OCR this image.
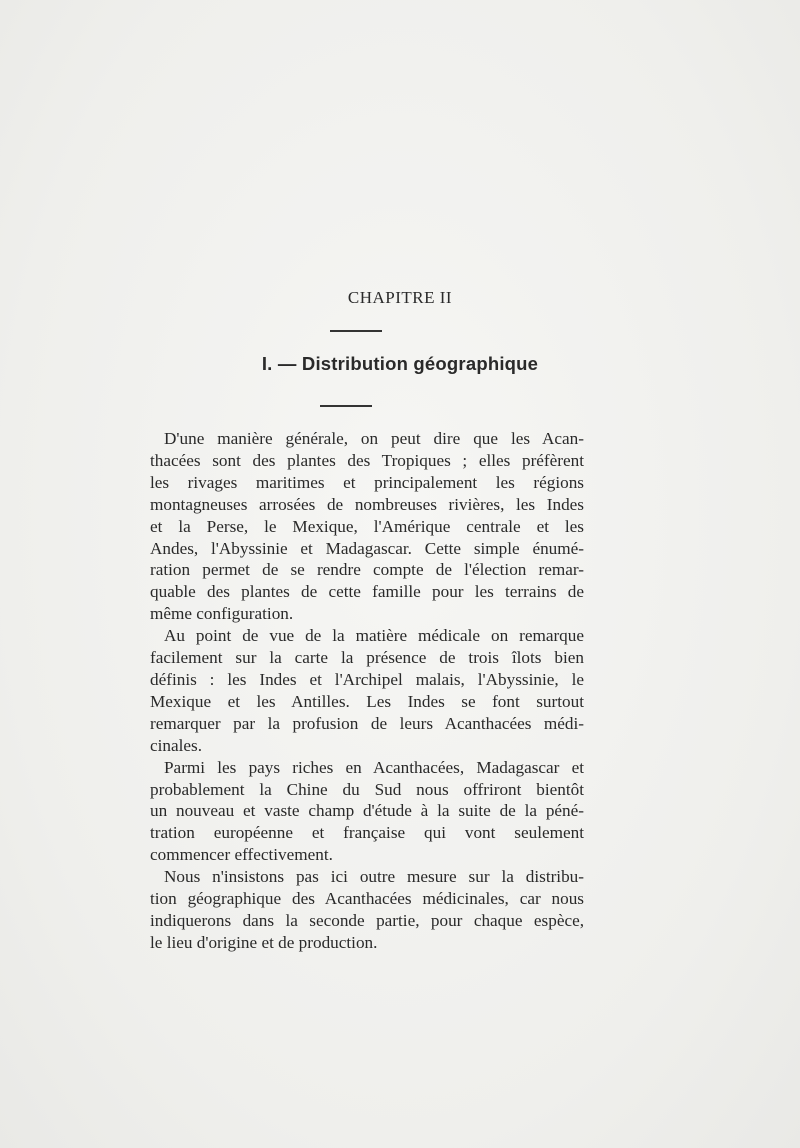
CHAPITRE II
I. — Distribution géographique

D'une manière générale, on peut dire que les Acan-
thacées sont des plantes des Tropiques ; elles préfèrent
les rivages maritimes et principalement les régions
montagneuses arrosées de nombreuses rivières, les Indes
et la Perse, le Mexique, l'Amérique centrale et les
Andes, l'Abyssinie et Madagascar. Cette simple énumé-
ration permet de se rendre compte de l'élection remar-
quable des plantes de cette famille pour les terrains de
même configuration.

Au point de vue de la matière médicale on remarque
facilement sur la carte la présence de trois îlots bien
définis : les Indes et l'Archipel malais, l'Abyssinie, le
Mexique et les Antilles. Les Indes se font surtout
remarquer par la profusion de leurs Acanthacées médi-
cinales.

Parmi les pays riches en Acanthacées, Madagascar et
probablement la Chine du Sud nous offriront bientôt
un nouveau et vaste champ d'étude à la suite de la péné-
tration européenne et française qui vont seulement
commencer effectivement.

Nous n'insistons pas ici outre mesure sur la distribu-
tion géographique des Acanthacées médicinales, car nous
indiquerons dans la seconde partie, pour chaque espèce,
le lieu d'origine et de production.
